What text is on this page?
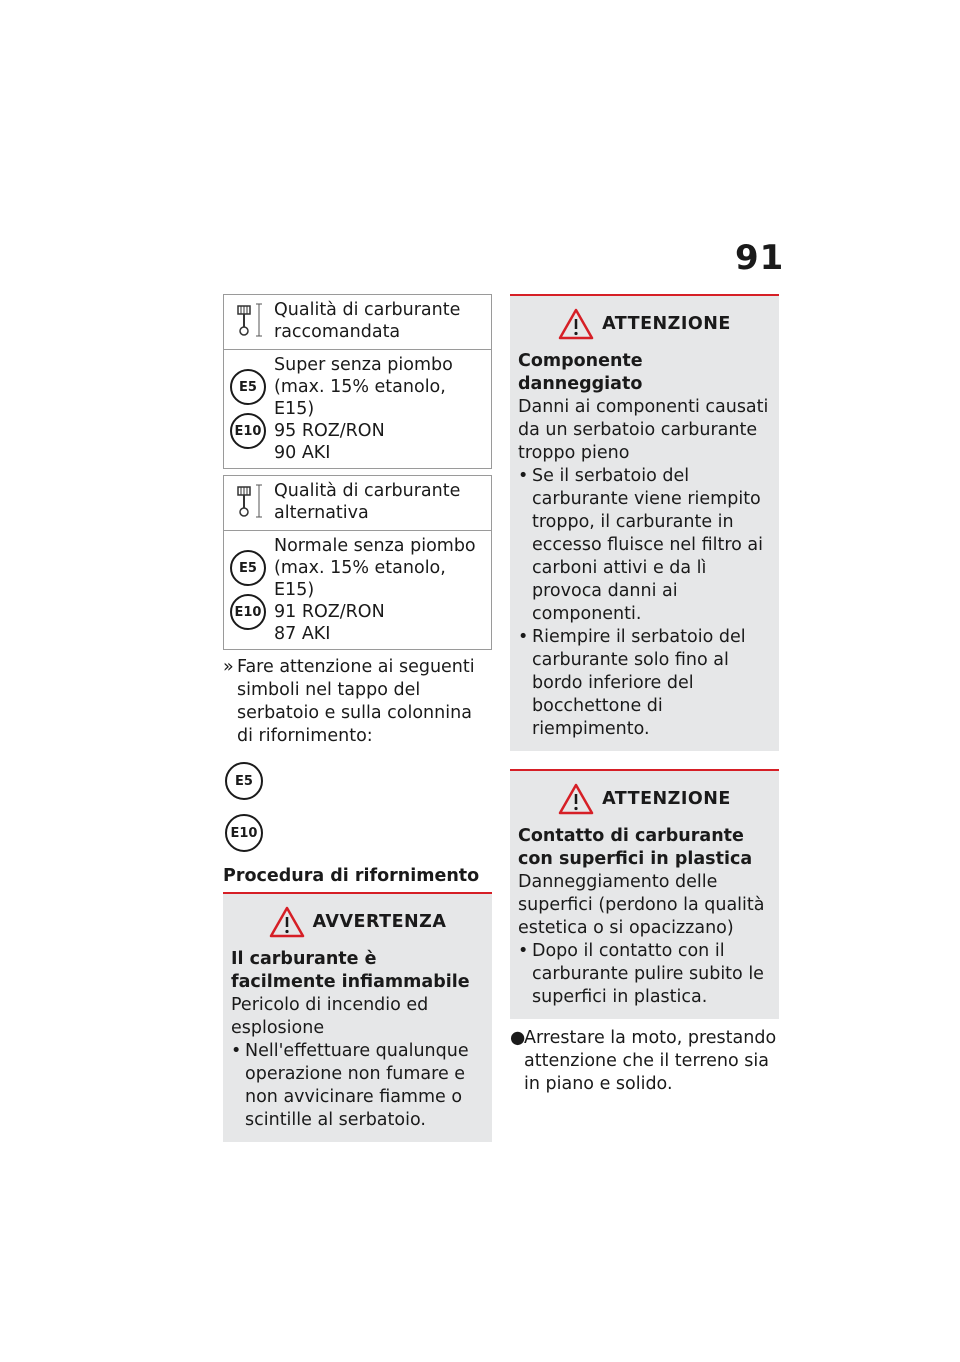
91
Qualità di carburante raccomandata
E5
E10
Super senza piombo
(max. 15% etanolo,
E15)
95 ROZ/RON
90 AKI
Qualità di carburante alternativa
E5
E10
Normale senza piombo
(max. 15% etanolo,
E15)
91 ROZ/RON
87 AKI
» Fare attenzione ai seguenti simboli nel tappo del serbatoio e sulla colonnina di rifornimento:
E5
E10
Procedura di rifornimento
AVVERTENZA
Il carburante è facilmente infiammabile
Pericolo di incendio ed esplosione
• Nell'effettuare qualunque operazione non fumare e non avvicinare fiamme o scintille al serbatoio.
ATTENZIONE
Componente danneggiato
Danni ai componenti causati da un serbatoio carburante troppo pieno
• Se il serbatoio del carburante viene riempito troppo, il carburante in eccesso fluisce nel filtro ai carboni attivi e da lì provoca danni ai componenti.
• Riempire il serbatoio del carburante solo fino al bordo inferiore del bocchettone di riempimento.
ATTENZIONE
Contatto di carburante con superfici in plastica
Danneggiamento delle superfici (perdono la qualità estetica o si opacizzano)
• Dopo il contatto con il carburante pulire subito le superfici in plastica.
●
Arrestare la moto, prestando attenzione che il terreno sia in piano e solido.
